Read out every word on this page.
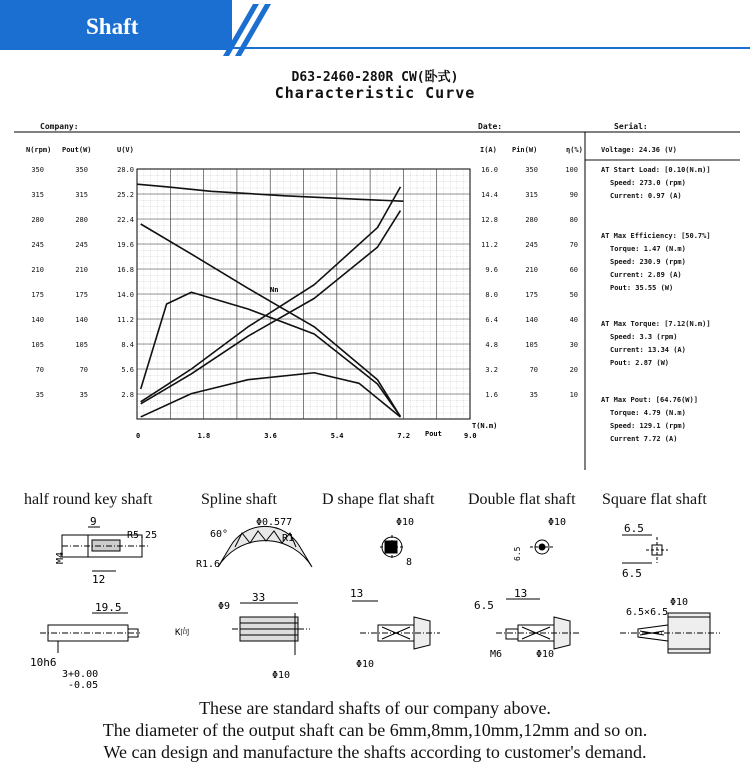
Shaft
D63-2460-280R CW(卧式)
Characteristic Curve
Company:	Date:	Serial:
N(rpm) Pout(W)	U(V)	I(A) Pin(W)	η(%)
350
315
280
245
210
175
140
105
70
35
350
315
280
245
210
175
140
105
70
35
28.0
25.2
22.4
19.6
16.8
14.0
11.2
8.4
5.6
2.8
16.0
14.4
12.8
11.2
9.6
8.0
6.4
4.8
3.2
1.6
350
315
280
245
210
175
140
105
70
35
100
90
80
70
60
50
40
30
20
10
Voltage: 24.36 (V)
AT Start Load: [0.10(N.m)]
Speed: 273.0 (rpm)
Current: 0.97 (A)
AT Max Efficiency: [50.7%]
Torque: 1.47 (N.m)
Speed: 230.9 (rpm)
Current: 2.89 (A)
Pout: 35.55 (W)
AT Max Torque: [7.12(N.m)]
Speed: 3.3 (rpm)
Current: 13.34 (A)
Pout: 2.87 (W)
AT Max Pout: [64.76(W)]
Torque: 4.79 (N.m)
Speed: 129.1 (rpm)
Current 7.72 (A)
0	1.8	3.6	5.4	7.2	9.0
T(N.m)
Pout
Nn
half round key shaft	Spline shaft	D shape flat shaft Double flat shaft Square flat shaft
9
R5.25
M4
12
19.5
10h6
3+0.00
-0.05
60°
Φ0.577
R1
R1.6
Φ9
33
K向
Φ10
Φ10
8
13
Φ10
Φ10
6.5
13
6.5
M6	Φ10
6.5
6.5
Φ10
6.5×6.5
These are standard shafts of our company above.
The diameter of the output shaft can be 6mm,8mm,10mm,12mm and so on.
We can design and manufacture the shafts according to customer's demand.
